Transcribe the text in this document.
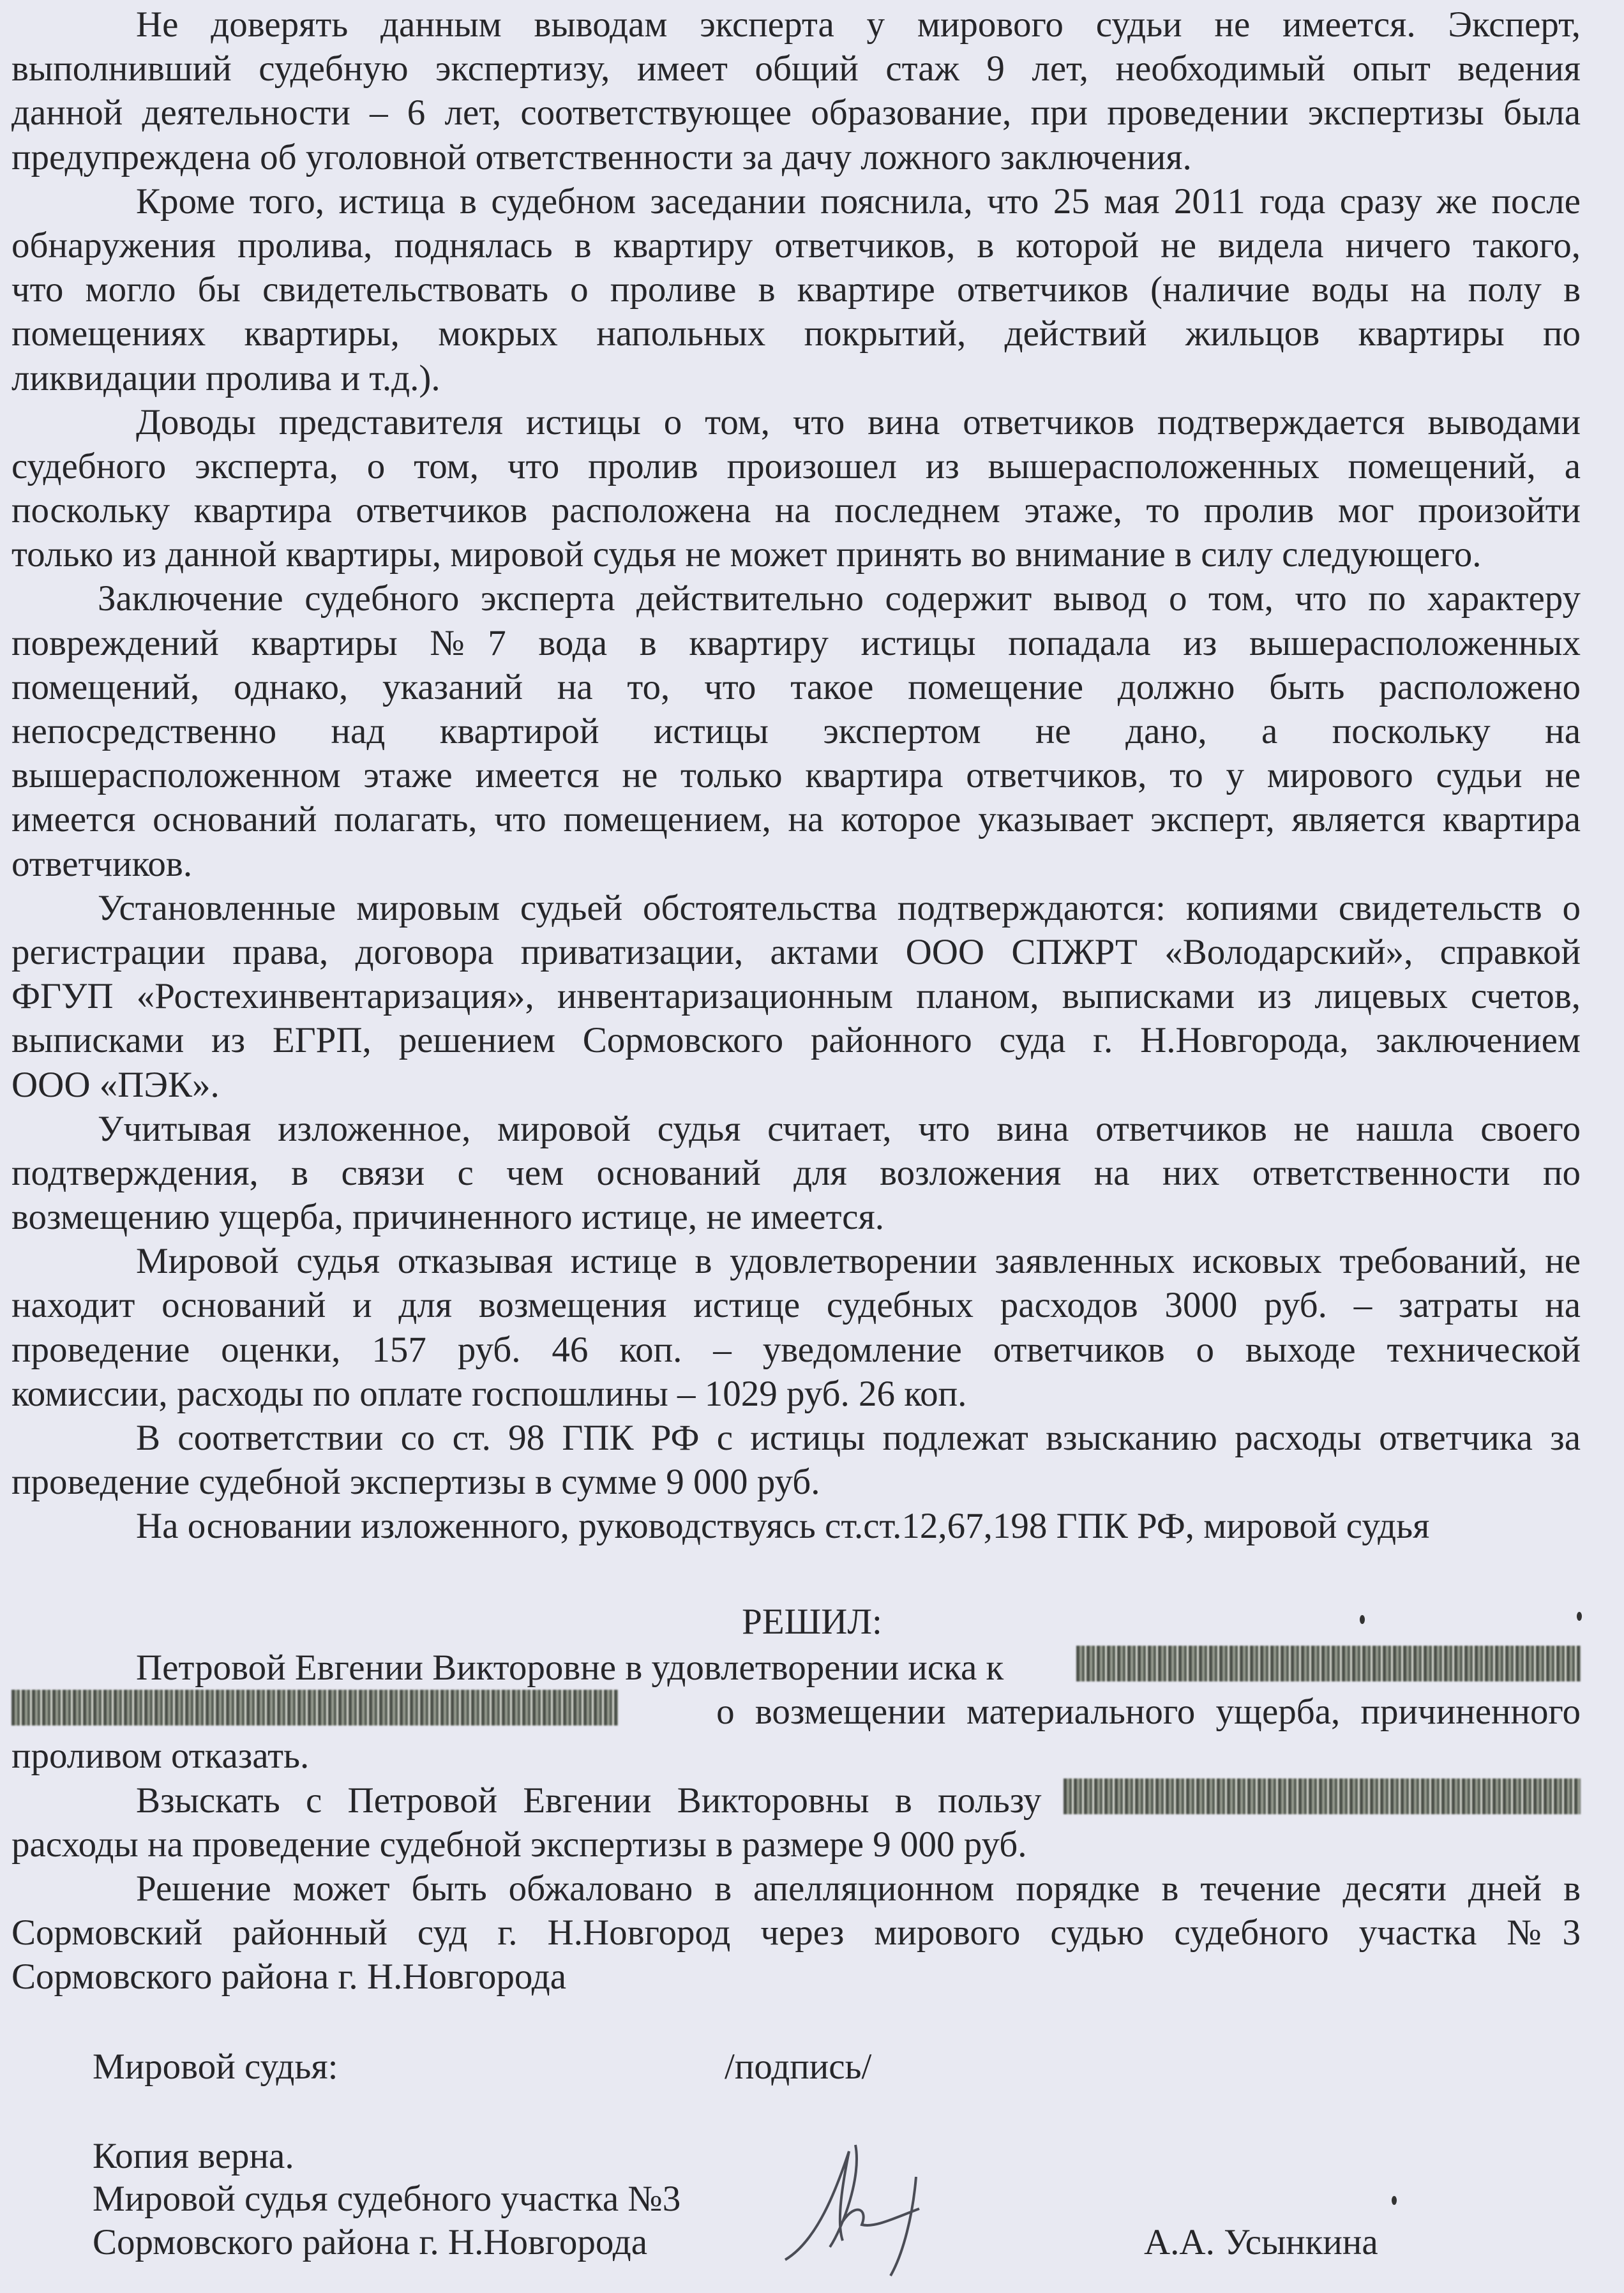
Не доверять данным выводам эксперта у мирового судьи не имеется. Эксперт,
выполнивший судебную экспертизу, имеет общий стаж 9 лет, необходимый опыт ведения
данной деятельности – 6 лет, соответствующее образование, при проведении экспертизы была
предупреждена об уголовной ответственности за дачу ложного заключения.
Кроме того, истица в судебном заседании пояснила, что 25 мая 2011 года сразу же после
обнаружения пролива, поднялась в квартиру ответчиков, в которой не видела ничего такого,
что могло бы свидетельствовать о проливе в квартире ответчиков (наличие воды на полу в
помещениях квартиры, мокрых напольных покрытий, действий жильцов квартиры по
ликвидации пролива и т.д.).
Доводы представителя истицы о том, что вина ответчиков подтверждается выводами
судебного эксперта, о том, что пролив произошел из вышерасположенных помещений, а
поскольку квартира ответчиков расположена на последнем этаже, то пролив мог произойти
только из данной квартиры, мировой судья не может принять во внимание в силу следующего.
Заключение судебного эксперта действительно содержит вывод о том, что по характеру
повреждений квартиры №7 вода в квартиру истицы попадала из вышерасположенных
помещений, однако, указаний на то, что такое помещение должно быть расположено
непосредственно над квартирой истицы экспертом не дано, а поскольку на
вышерасположенном этаже имеется не только квартира ответчиков, то у мирового судьи не
имеется оснований полагать, что помещением, на которое указывает эксперт, является квартира
ответчиков.
Установленные мировым судьей обстоятельства подтверждаются: копиями свидетельств о
регистрации права, договора приватизации, актами ООО СПЖРТ «Володарский», справкой
ФГУП «Ростехинвентаризация», инвентаризационным планом, выписками из лицевых счетов,
выписками из ЕГРП, решением Сормовского районного суда г. Н.Новгорода, заключением
ООО «ПЭК».
Учитывая изложенное, мировой судья считает, что вина ответчиков не нашла своего
подтверждения, в связи с чем оснований для возложения на них ответственности по
возмещению ущерба, причиненного истице, не имеется.
Мировой судья отказывая истице в удовлетворении заявленных исковых требований, не
находит оснований и для возмещения истице судебных расходов 3000 руб. – затраты на
проведение оценки, 157 руб. 46 коп. – уведомление ответчиков о выходе технической
комиссии, расходы по оплате госпошлины – 1029 руб. 26 коп.
В соответствии со ст. 98 ГПК РФ с истицы подлежат взысканию расходы ответчика за
проведение судебной экспертизы в сумме 9 000 руб.
На основании изложенного, руководствуясь ст.ст.12,67,198 ГПК РФ, мировой судья
РЕШИЛ:
Петровой Евгении Викторовне в удовлетворении иска к
о возмещении материального ущерба, причиненного
проливом отказать.
Взыскать с Петровой Евгении Викторовны в пользу
расходы на проведение судебной экспертизы в размере 9 000 руб.
Решение может быть обжаловано в апелляционном порядке в течение десяти дней в
Сормовский районный суд г. Н.Новгород через мирового судью судебного участка №3
Сормовского района г. Н.Новгорода
Мировой судья:	/подпись/
Копия верна.
Мировой судья судебного участка №3
Сормовского района г. Н.Новгорода	А.А. Усынкина
